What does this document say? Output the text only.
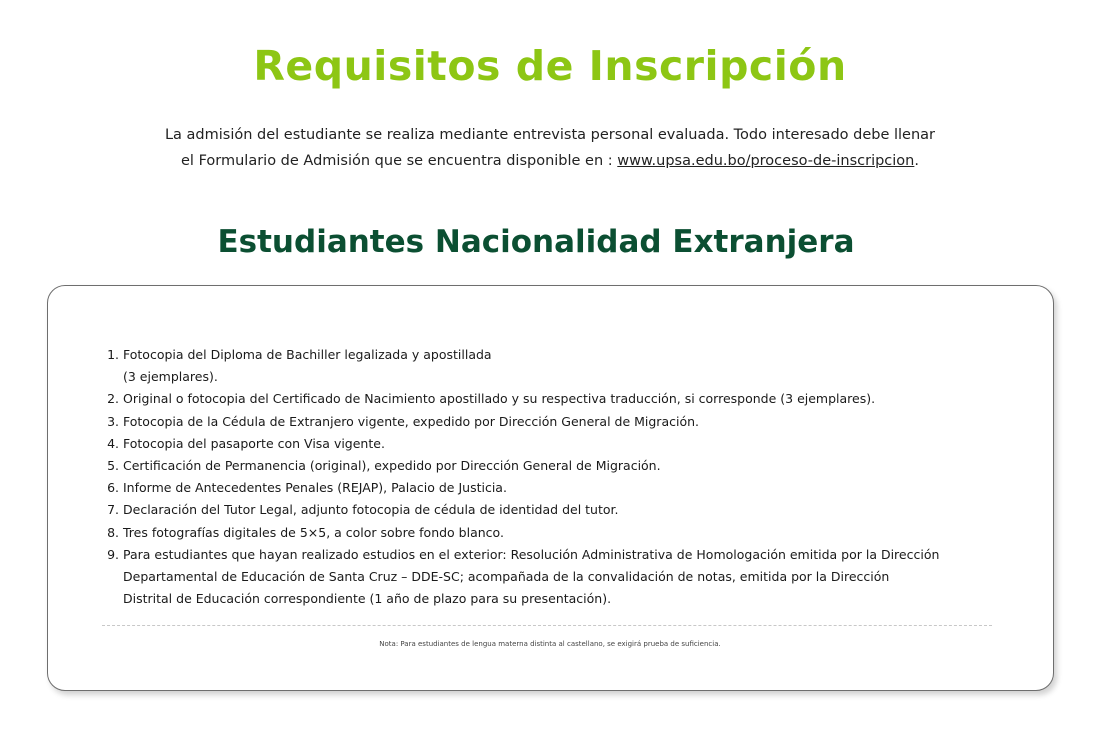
Requisitos de Inscripción

La admisión del estudiante se realiza mediante entrevista personal evaluada. Todo interesado debe llenar
el Formulario de Admisión que se encuentra disponible en : www.upsa.edu.bo/proceso-de-inscripcion.

Estudiantes Nacionalidad Extranjera
1. Fotocopia del Diploma de Bachiller legalizada y apostillada
(3 ejemplares).
2. Original o fotocopia del Certificado de Nacimiento apostillado y su respectiva traducción, si corresponde (3 ejemplares).
3. Fotocopia de la Cédula de Extranjero vigente, expedido por Dirección General de Migración.
4. Fotocopia del pasaporte con Visa vigente.
5. Certificación de Permanencia (original), expedido por Dirección General de Migración.
6. Informe de Antecedentes Penales (REJAP), Palacio de Justicia.
7. Declaración del Tutor Legal, adjunto fotocopia de cédula de identidad del tutor.
8. Tres fotografías digitales de 5×5, a color sobre fondo blanco.
9. Para estudiantes que hayan realizado estudios en el exterior: Resolución Administrativa de Homologación emitida por la Dirección
Departamental de Educación de Santa Cruz – DDE-SC; acompañada de la convalidación de notas, emitida por la Dirección
Distrital de Educación correspondiente (1 año de plazo para su presentación).
Nota: Para estudiantes de lengua materna distinta al castellano, se exigirá prueba de suficiencia.
